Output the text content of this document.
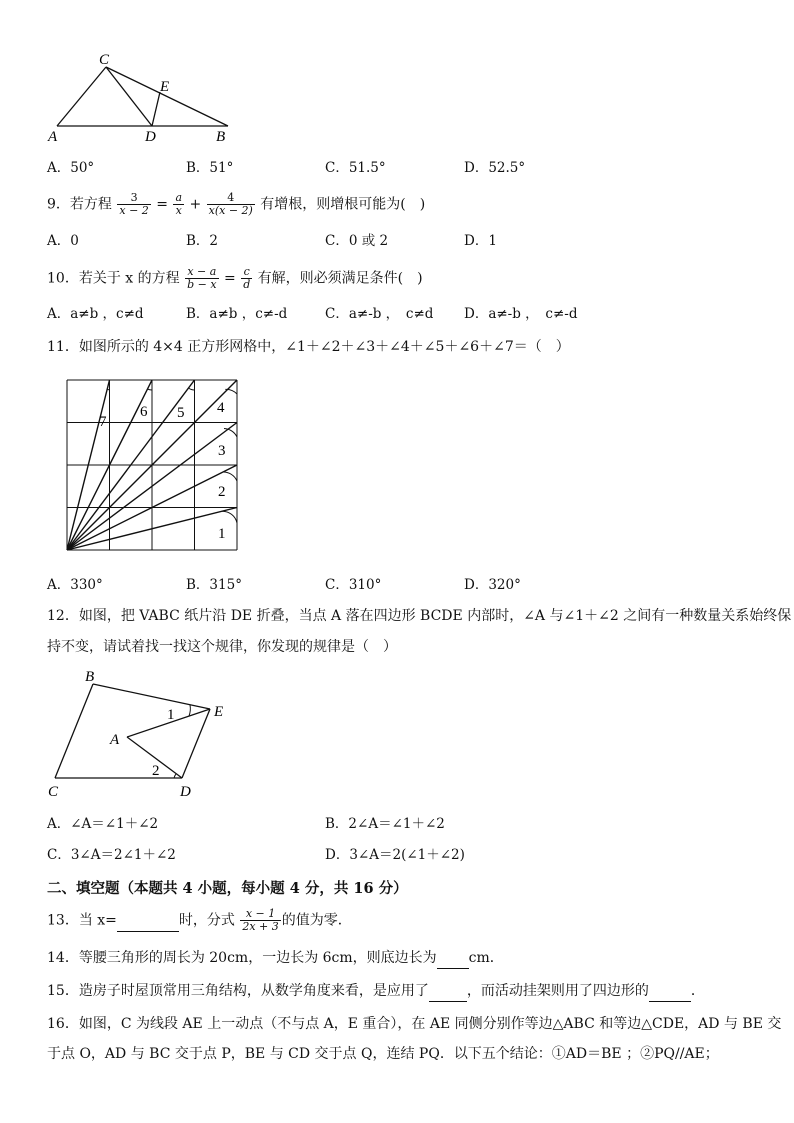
C
E
A	D	B
A．50°	B．51°	C．51.5°	D．52.5°
9．若方程 $\frac{3}{x - 2} = \frac{a}{x} + \frac{4}{x(x - 2)}$ 有增根，则增根可能为(　)
A．0	B．2	C．0 或 2	D．1
10．若关于 x 的方程 $\frac{x - a}{b - x} = \frac{c}{d}$ 有解，则必须满足条件(　)
A．a≠b ，c≠d	B．a≠b ，c≠-d	C．a≠-b ，　c≠d D．a≠-b ，　c≠-d
11．如图所示的 4×4 正方形网格中，∠1＋∠2＋∠3＋∠4＋∠5＋∠6＋∠7＝（　）
1
2
3
4
5
6
7
A．330°	B．315°	C．310°	D．320°
12．如图，把 VABC 纸片沿 DE 折叠，当点 A 落在四边形 BCDE 内部时，∠A 与∠1＋∠2 之间有一种数量关系始终保
持不变，请试着找一找这个规律，你发现的规律是（　）
B
E
A
C	D
1
2
A．∠A＝∠1＋∠2	B．2∠A＝∠1＋∠2
C．3∠A＝2∠1＋∠2	D．3∠A＝2(∠1＋∠2)
二、填空题（本题共 4 小题，每小题 4 分，共 16 分）
13．当 x=	时，分式 $\frac{x - 1}{2x + 3}$ 的值为零．
14．等腰三角形的周长为 20cm，一边长为 6cm，则底边长为 cm．
15．造房子时屋顶常用三角结构，从数学角度来看，是应用了	，而活动挂架则用了四边形的	．
16．如图，C 为线段 AE 上一动点（不与点 A，E 重合），在 AE 同侧分别作等边△ABC 和等边△CDE，AD 与 BE 交
于点 O，AD 与 BC 交于点 P，BE 与 CD 交于点 Q，连结 PQ．以下五个结论：①AD＝BE ；②PQ//AE；
